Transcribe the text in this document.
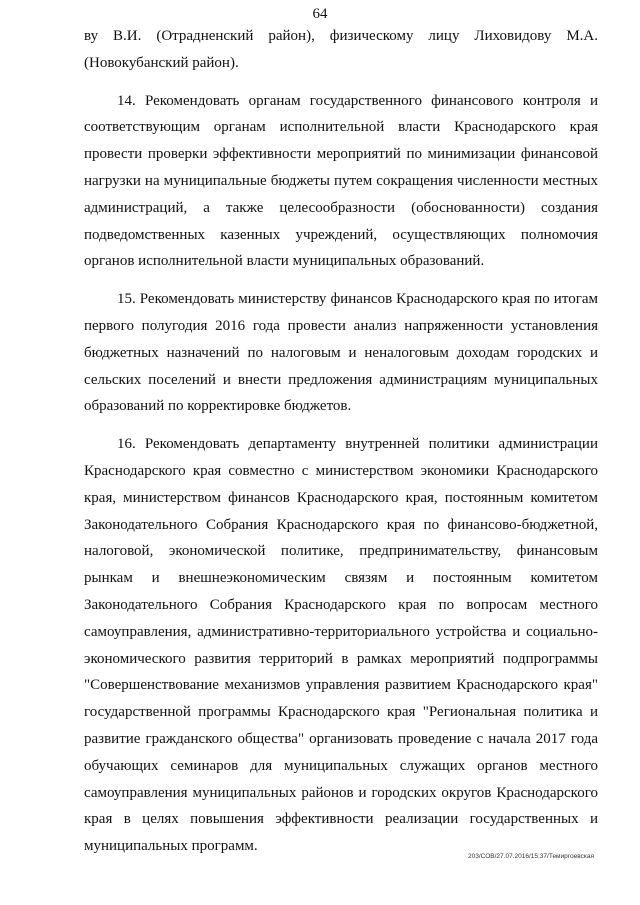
64

ву В.И. (Отрадненский район), физическому лицу Лиховидову М.А. (Новокубанский район).

14. Рекомендовать органам государственного финансового контроля и соответствующим органам исполнительной власти Краснодарского края провести проверки эффективности мероприятий по минимизации финансовой нагрузки на муниципальные бюджеты путем сокращения численности местных администраций, а также целесообразности (обоснованности) создания подведомственных казенных учреждений, осуществляющих полномочия органов исполнительной власти муниципальных образований.

15. Рекомендовать министерству финансов Краснодарского края по итогам первого полугодия 2016 года провести анализ напряженности установления бюджетных назначений по налоговым и неналоговым доходам городских и сельских поселений и внести предложения администрациям муниципальных образований по корректировке бюджетов.

16. Рекомендовать департаменту внутренней политики администрации Краснодарского края совместно с министерством экономики Краснодарского края, министерством финансов Краснодарского края, постоянным комитетом Законодательного Собрания Краснодарского края по финансово-бюджетной, налоговой, экономической политике, предпринимательству, финансовым рынкам и внешнеэкономическим связям и постоянным комитетом Законодательного Собрания Краснодарского края по вопросам местного самоуправления, административно-территориального устройства и социально-экономического развития территорий в рамках мероприятий подпрограммы "Совершенствование механизмов управления развитием Краснодарского края" государственной программы Краснодарского края "Региональная политика и развитие гражданского общества" организовать проведение с начала 2017 года обучающих семинаров для муниципальных служащих органов местного самоуправления муниципальных районов и городских округов Краснодарского края в целях повышения эффективности реализации государственных и муниципальных программ.

203/СОВ/27.07.2016/15:37/Темиргоевская
